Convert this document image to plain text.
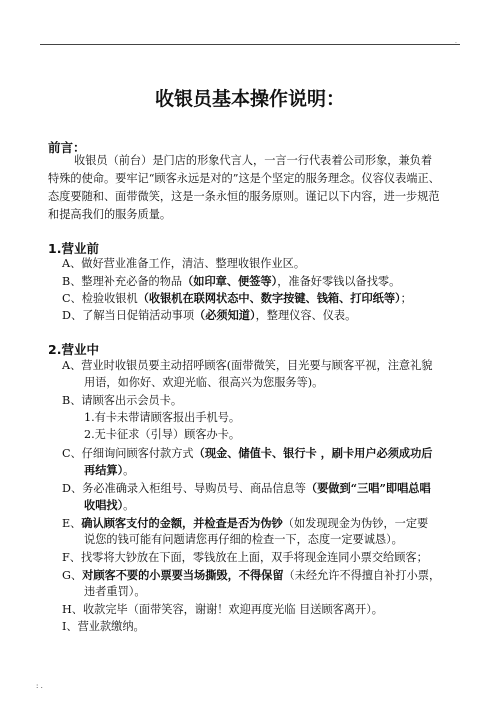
.
收银员基本操作说明：
前言：
收银员（前台）是门店的形象代言人，一言一行代表着公司形象，兼负着
特殊的使命。要牢记“顾客永远是对的”这是个坚定的服务理念。仪容仪表端正、
态度要随和、面带微笑，这是一条永恒的服务原则。谨记以下内容，进一步规范
和提高我们的服务质量。
1.营业前
A、做好营业准备工作，清洁、整理收银作业区。
B、整理补充必备的物品（如印章、便签等），准备好零钱以备找零。
C、检验收银机（收银机在联网状态中、数字按键、钱箱、打印纸等）；
D、了解当日促销活动事项（必须知道），整理仪容、仪表。
2.营业中
A、营业时收银员要主动招呼顾客(面带微笑，目光要与顾客平视，注意礼貌
用语，如你好、欢迎光临、很高兴为您服务等)。
B、请顾客出示会员卡。
1.有卡未带请顾客报出手机号。
2.无卡征求（引导）顾客办卡。
C、仔细询问顾客付款方式（现金、储值卡、银行卡 ，刷卡用户必须成功后
再结算）。
D、务必准确录入柜组号、导购员号、商品信息等（要做到“三唱”即唱总唱
收唱找）。
E、确认顾客支付的金额，并检查是否为伪钞（如发现现金为伪钞，一定要
说您的钱可能有问题请您再仔细的检查一下，态度一定要诚恳）。
F、找零将大钞放在下面，零钱放在上面，双手将现金连同小票交给顾客；
G、对顾客不要的小票要当场撕毁，不得保留（未经允许不得擅自补打小票，
违者重罚）。
H、收款完毕（面带笑容，谢谢！欢迎再度光临 目送顾客离开）。
I、营业款缴纳。
: .
